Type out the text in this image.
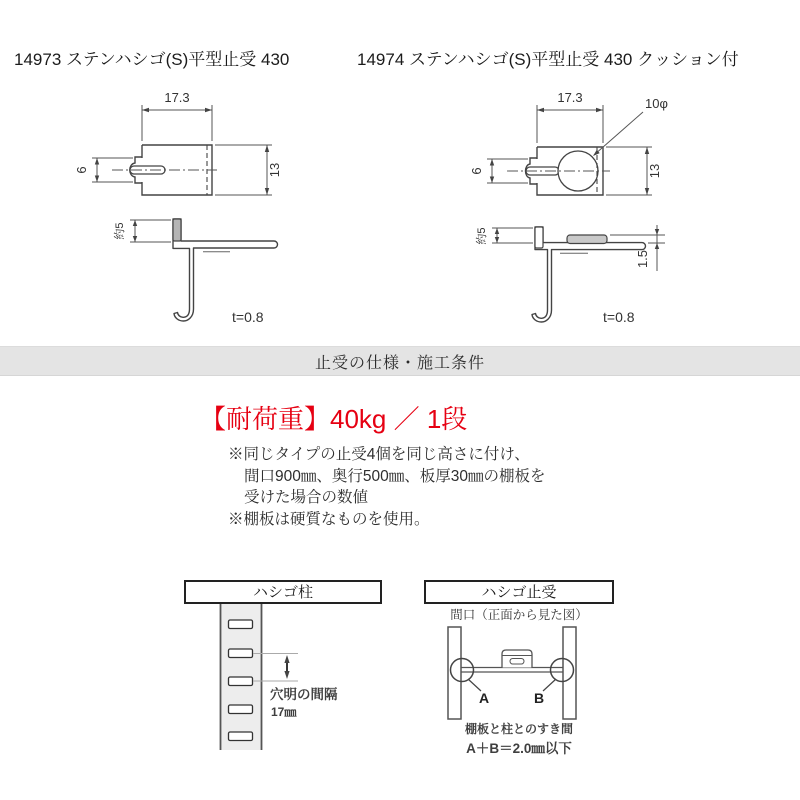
14973 ステンハシゴ(S)平型止受 430	14974 ステンハシゴ(S)平型止受 430 クッション付
17.3
13
6
約5
t=0.8
10φ
17.3
13
6
約5
1.5
t=0.8
止受の仕様・施工条件
【耐荷重】40kg ／ 1段
※同じタイプの止受4個を同じ高さに付け、
間口900㎜、奥行500㎜、板厚30㎜の棚板を
受けた場合の数値
※棚板は硬質なものを使用。
ハシゴ柱
穴明の間隔
17㎜
ハシゴ止受
間口（正面から見た図）
A	B
棚板と柱とのすき間
A＋B＝2.0㎜以下
